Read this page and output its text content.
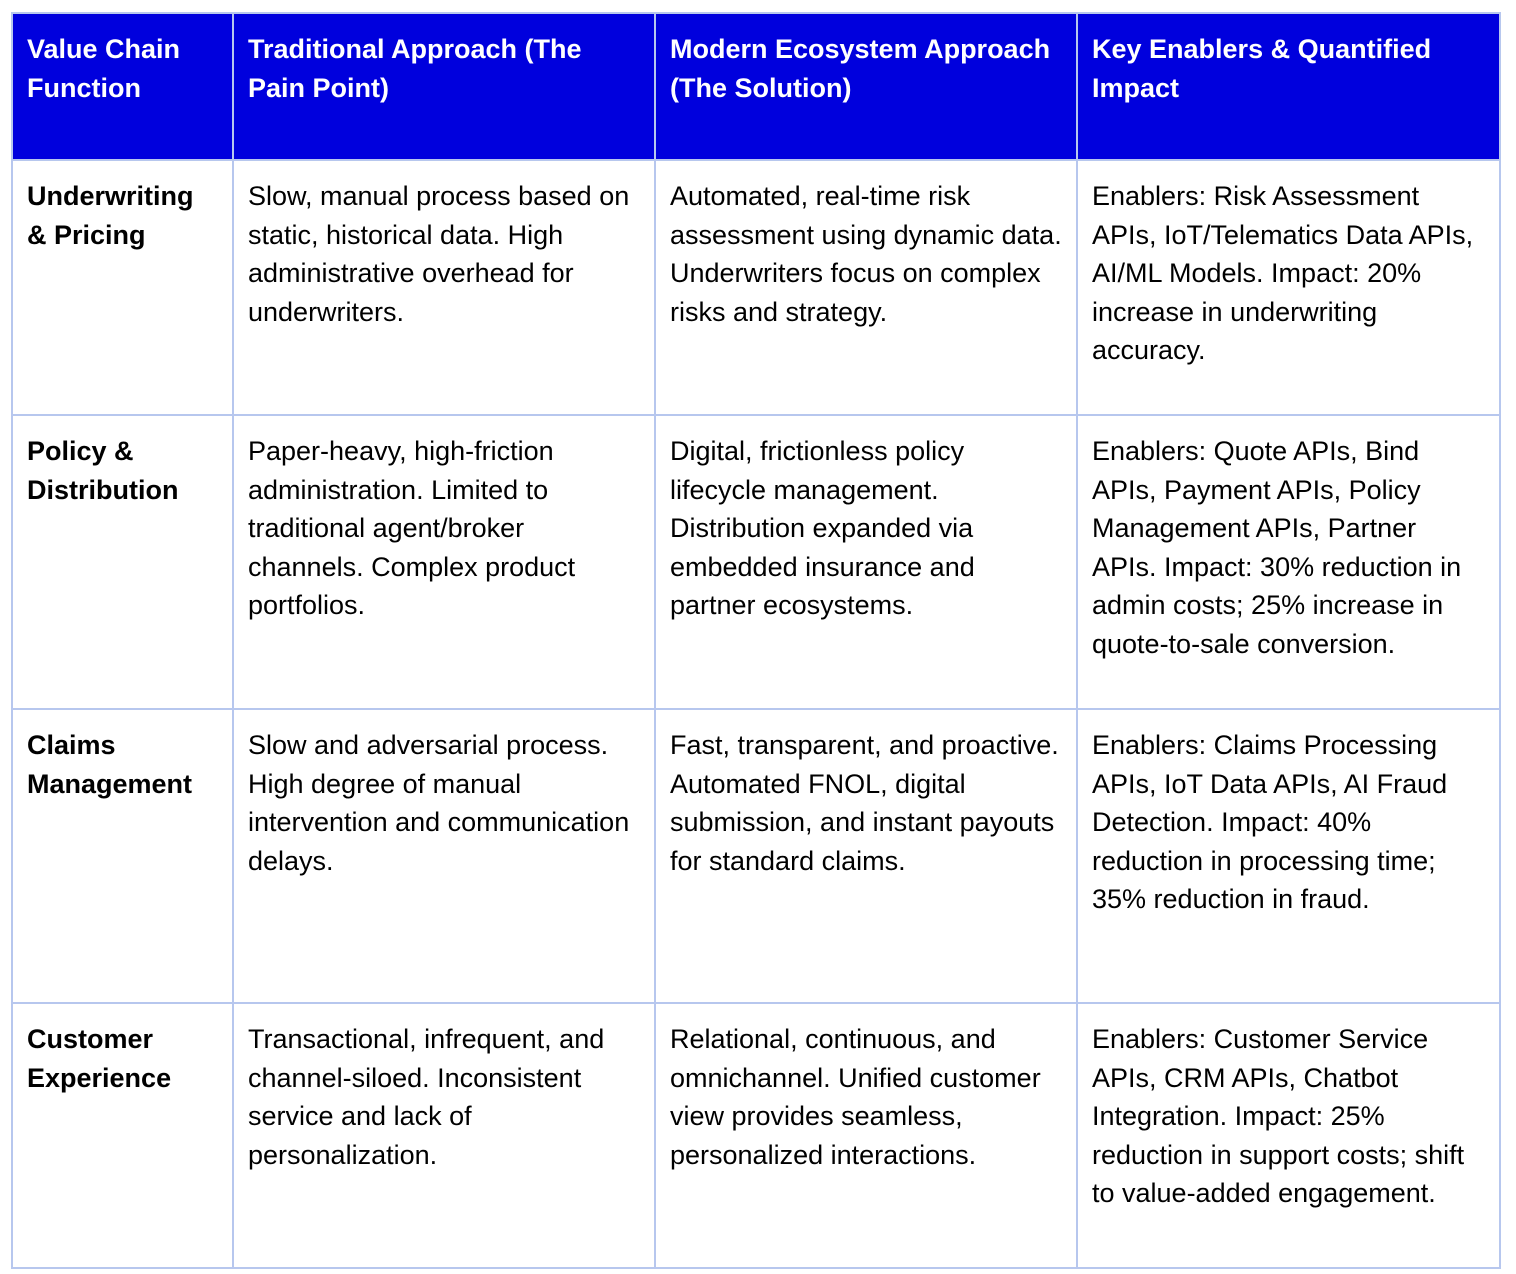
Value Chain Function	Traditional Approach (The Pain Point)	Modern Ecosystem Approach (The Solution)	Key Enablers & Quantified Impact
Underwriting & Pricing	Slow, manual process based on static, historical data. High administrative overhead for underwriters.	Automated, real-time risk assessment using dynamic data. Underwriters focus on complex risks and strategy.	Enablers: Risk Assessment APIs, IoT/Telematics Data APIs, AI/ML Models. Impact: 20% increase in underwriting accuracy.
Policy & Distribution	Paper-heavy, high-friction administration. Limited to traditional agent/broker channels. Complex product portfolios.	Digital, frictionless policy lifecycle management. Distribution expanded via embedded insurance and partner ecosystems.	Enablers: Quote APIs, Bind APIs, Payment APIs, Policy Management APIs, Partner APIs. Impact: 30% reduction in admin costs; 25% increase in quote-to-sale conversion.
Claims Management	Slow and adversarial process. High degree of manual intervention and communication delays.	Fast, transparent, and proactive. Automated FNOL, digital submission, and instant payouts for standard claims.	Enablers: Claims Processing APIs, IoT Data APIs, AI Fraud Detection. Impact: 40% reduction in processing time; 35% reduction in fraud.
Customer Experience	Transactional, infrequent, and channel-siloed. Inconsistent service and lack of personalization.	Relational, continuous, and omnichannel. Unified customer view provides seamless, personalized interactions.	Enablers: Customer Service APIs, CRM APIs, Chatbot Integration. Impact: 25% reduction in support costs; shift to value-added engagement.
